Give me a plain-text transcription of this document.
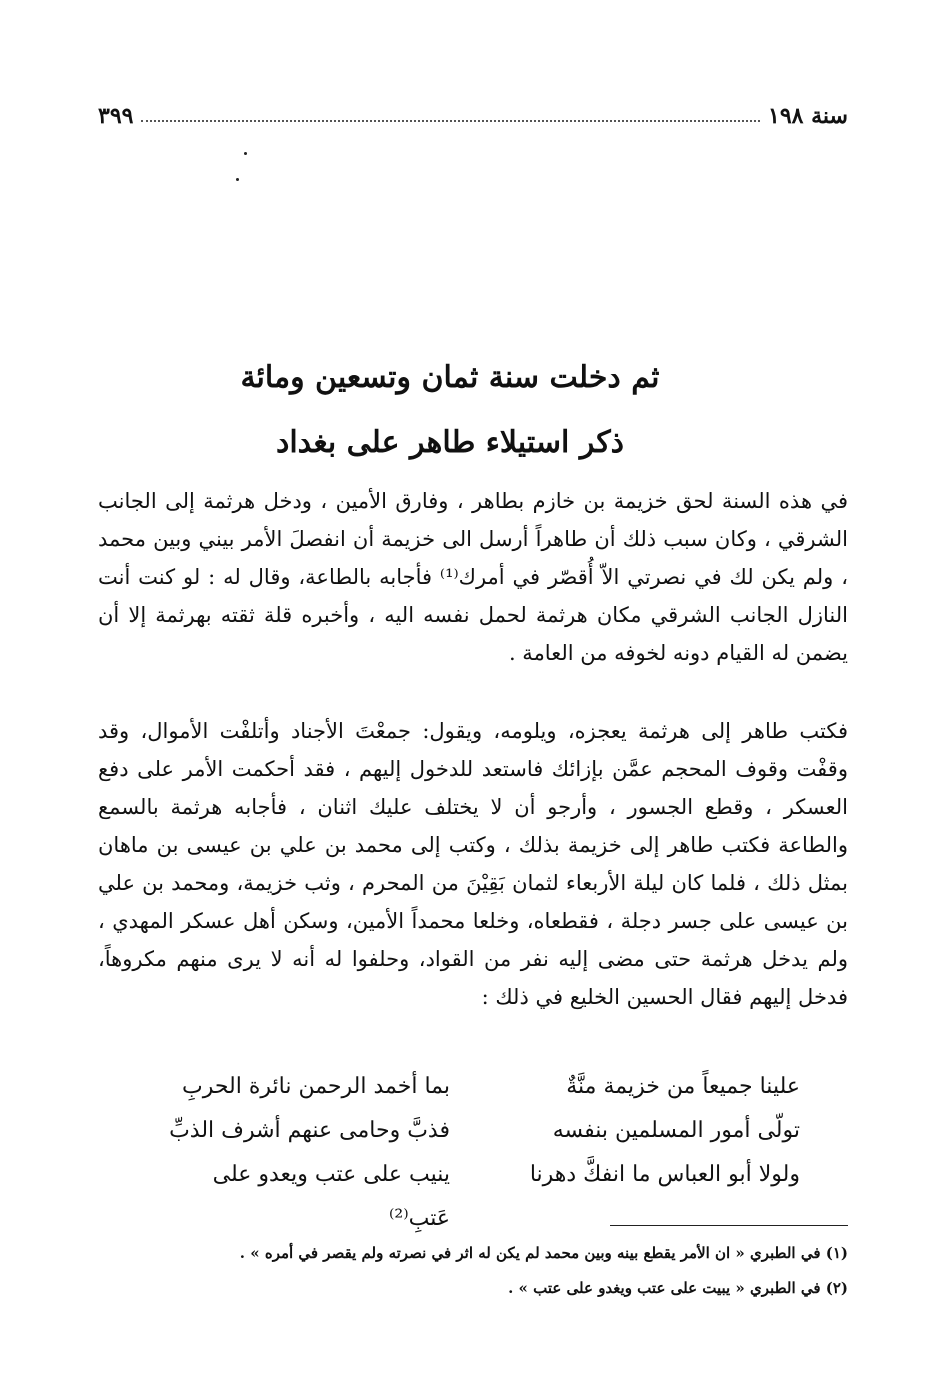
سنة ١٩٨
٣٩٩
ثم دخلت سنة ثمان وتسعين ومائة
ذكر استيلاء طاهر على بغداد

في هذه السنة لحق خزيمة بن خازم بطاهر ، وفارق الأمين ، ودخل هرثمة إلى الجانب الشرقي ، وكان سبب ذلك أن طاهراً أرسل الى خزيمة أن انفصلَ الأمر بيني وبين محمد ، ولم يكن لك في نصرتي الاّ أُقصّر في أمرك⁽¹⁾ فأجابه بالطاعة، وقال له : لو كنت أنت النازل الجانب الشرقي مكان هرثمة لحمل نفسه اليه ، وأخبره قلة ثقته بهرثمة إلا أن يضمن له القيام دونه لخوفه من العامة .

فكتب طاهر إلى هرثمة يعجزه، ويلومه، ويقول: جمعْتَ الأجناد وأتلفْت الأموال، وقد وقفْت وقوف المحجم عمَّن بإزائك فاستعد للدخول إليهم ، فقد أحكمت الأمر على دفع العسكر ، وقطع الجسور ، وأرجو أن لا يختلف عليك اثنان ، فأجابه هرثمة بالسمع والطاعة فكتب طاهر إلى خزيمة بذلك ، وكتب إلى محمد بن علي بن عيسى بن ماهان بمثل ذلك ، فلما كان ليلة الأربعاء لثمان بَقِيْنَ من المحرم ، وثب خزيمة، ومحمد بن علي بن عيسى على جسر دجلة ، فقطعاه، وخلعا محمداً الأمين، وسكن أهل عسكر المهدي ، ولم يدخل هرثمة حتى مضى إليه نفر من القواد، وحلفوا له أنه لا يرى منهم مكروهاً، فدخل إليهم فقال الحسين الخليع في ذلك :

علينا جميعاً من خزيمة منَّةٌ
بما أخمد الرحمن نائرة الحربِ
تولّى أمور المسلمين بنفسه
فذبَّ وحامى عنهم أشرف الذبِّ
ولولا أبو العباس ما انفكَّ دهرنا
ينيب على عتب ويعدو على عَتبِ⁽²⁾
(١) في الطبري « ان الأمر يقطع بينه وبين محمد لم يكن له اثر في نصرته ولم يقصر في أمره » .
(٢) في الطبري « يبيت على عتب ويغدو على عتب » .
